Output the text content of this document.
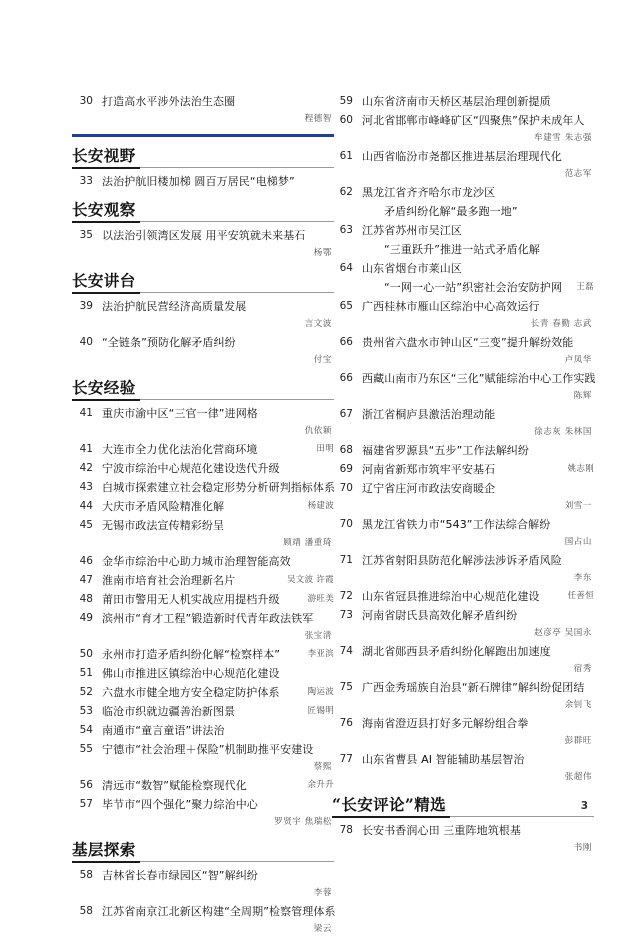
30 打造高水平涉外法治生态圈
程德智
长安视野
33 法治护航旧楼加梯 圆百万居民“电梯梦”
长安观察
35 以法治引领湾区发展 用平安筑就未来基石
杨鄂
长安讲台
39 法治护航民营经济高质量发展
言文波
40 “全链条”预防化解矛盾纠纷
付宝
长安经验
41 重庆市渝中区“三官一律”进网格
仇依颖
41 大连市全力优化法治化营商环境	田明
42 宁波市综治中心规范化建设迭代升级
43 白城市探索建立社会稳定形势分析研判指标体系
44 大庆市矛盾风险精准化解	杨建波
45 无锡市政法宣传精彩纷呈
顾靖 潘重琦
46 金华市综治中心助力城市治理智能高效
47 淮南市培育社会治理新名片	吴文波 许霞
48 莆田市警用无人机实战应用提档升级	游旺美
49 滨州市“育才工程”锻造新时代青年政法铁军
张宝清
50 永州市打造矛盾纠纷化解“检察样本”	李亚滨
51 佛山市推进区镇综治中心规范化建设
52 六盘水市健全地方安全稳定防护体系	陶运波
53 临沧市织就边疆善治新图景	匠锡明
54 南通市“童言童语”讲法治
55 宁德市“社会治理＋保险”机制助推平安建设
蔡熙
56 清远市“数智”赋能检察现代化	余升升
57 毕节市“四个强化”聚力综治中心
罗贤宇 焦瑞松
基层探索
58 吉林省长春市绿园区“智”解纠纷
李蓉
58 江苏省南京江北新区构建“全周期”检察管理体系
梁云
59 山东省济南市天桥区基层治理创新提质
60 河北省邯郸市峰峰矿区“四聚焦”保护未成年人
牟建雪 朱志强
61 山西省临汾市尧都区推进基层治理现代化
范志军
62 黑龙江省齐齐哈尔市龙沙区
矛盾纠纷化解“最多跑一地”
63 江苏省苏州市吴江区
“三重跃升”推进一站式矛盾化解
64 山东省烟台市莱山区
“一网一心一站”织密社会治安防护网	王磊
65 广西桂林市雁山区综治中心高效运行
长青 春勤 志武
66 贵州省六盘水市钟山区“三变”提升解纷效能
卢凤华
66 西藏山南市乃东区“三化”赋能综治中心工作实践
陈辉
67 浙江省桐庐县激活治理动能
徐志灰 朱林国
68 福建省罗源县“五步”工作法解纠纷
69 河南省新郑市筑牢平安基石	姚志刚
70 辽宁省庄河市政法安商暖企
刘雪一
70 黑龙江省铁力市“543”工作法综合解纷
国占山
71 江苏省射阳县防范化解涉法涉诉矛盾风险
李东
72 山东省冠县推进综治中心规范化建设	任善恒
73 河南省尉氏县高效化解矛盾纠纷
赵彦亭 吴国永
74 湖北省郧西县矛盾纠纷化解跑出加速度
宿秀
75 广西金秀瑶族自治县“新石牌律”解纠纷促团结
余钊飞
76 海南省澄迈县打好多元解纷组合拳
彭群旺
77 山东省曹县 AI 智能辅助基层智治
张超伟
“长安评论”精选
78 长安书香润心田 三重阵地筑根基
书刚
3
